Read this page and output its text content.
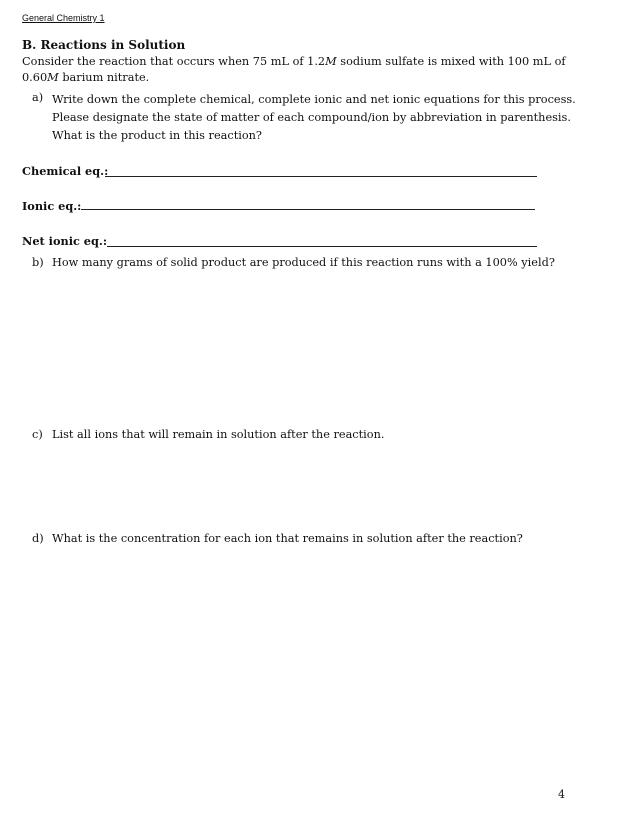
General Chemistry 1
B. Reactions in Solution
Consider the reaction that occurs when 75 mL of 1.2M sodium sulfate is mixed with 100 mL of
0.60M barium nitrate.
a) Write down the complete chemical, complete ionic and net ionic equations for this process.
Please designate the state of matter of each compound/ion by abbreviation in parenthesis.
What is the product in this reaction?
Chemical eq.:
Ionic eq.:
Net ionic eq.:
b) How many grams of solid product are produced if this reaction runs with a 100% yield?
c) List all ions that will remain in solution after the reaction.
d) What is the concentration for each ion that remains in solution after the reaction?
4
